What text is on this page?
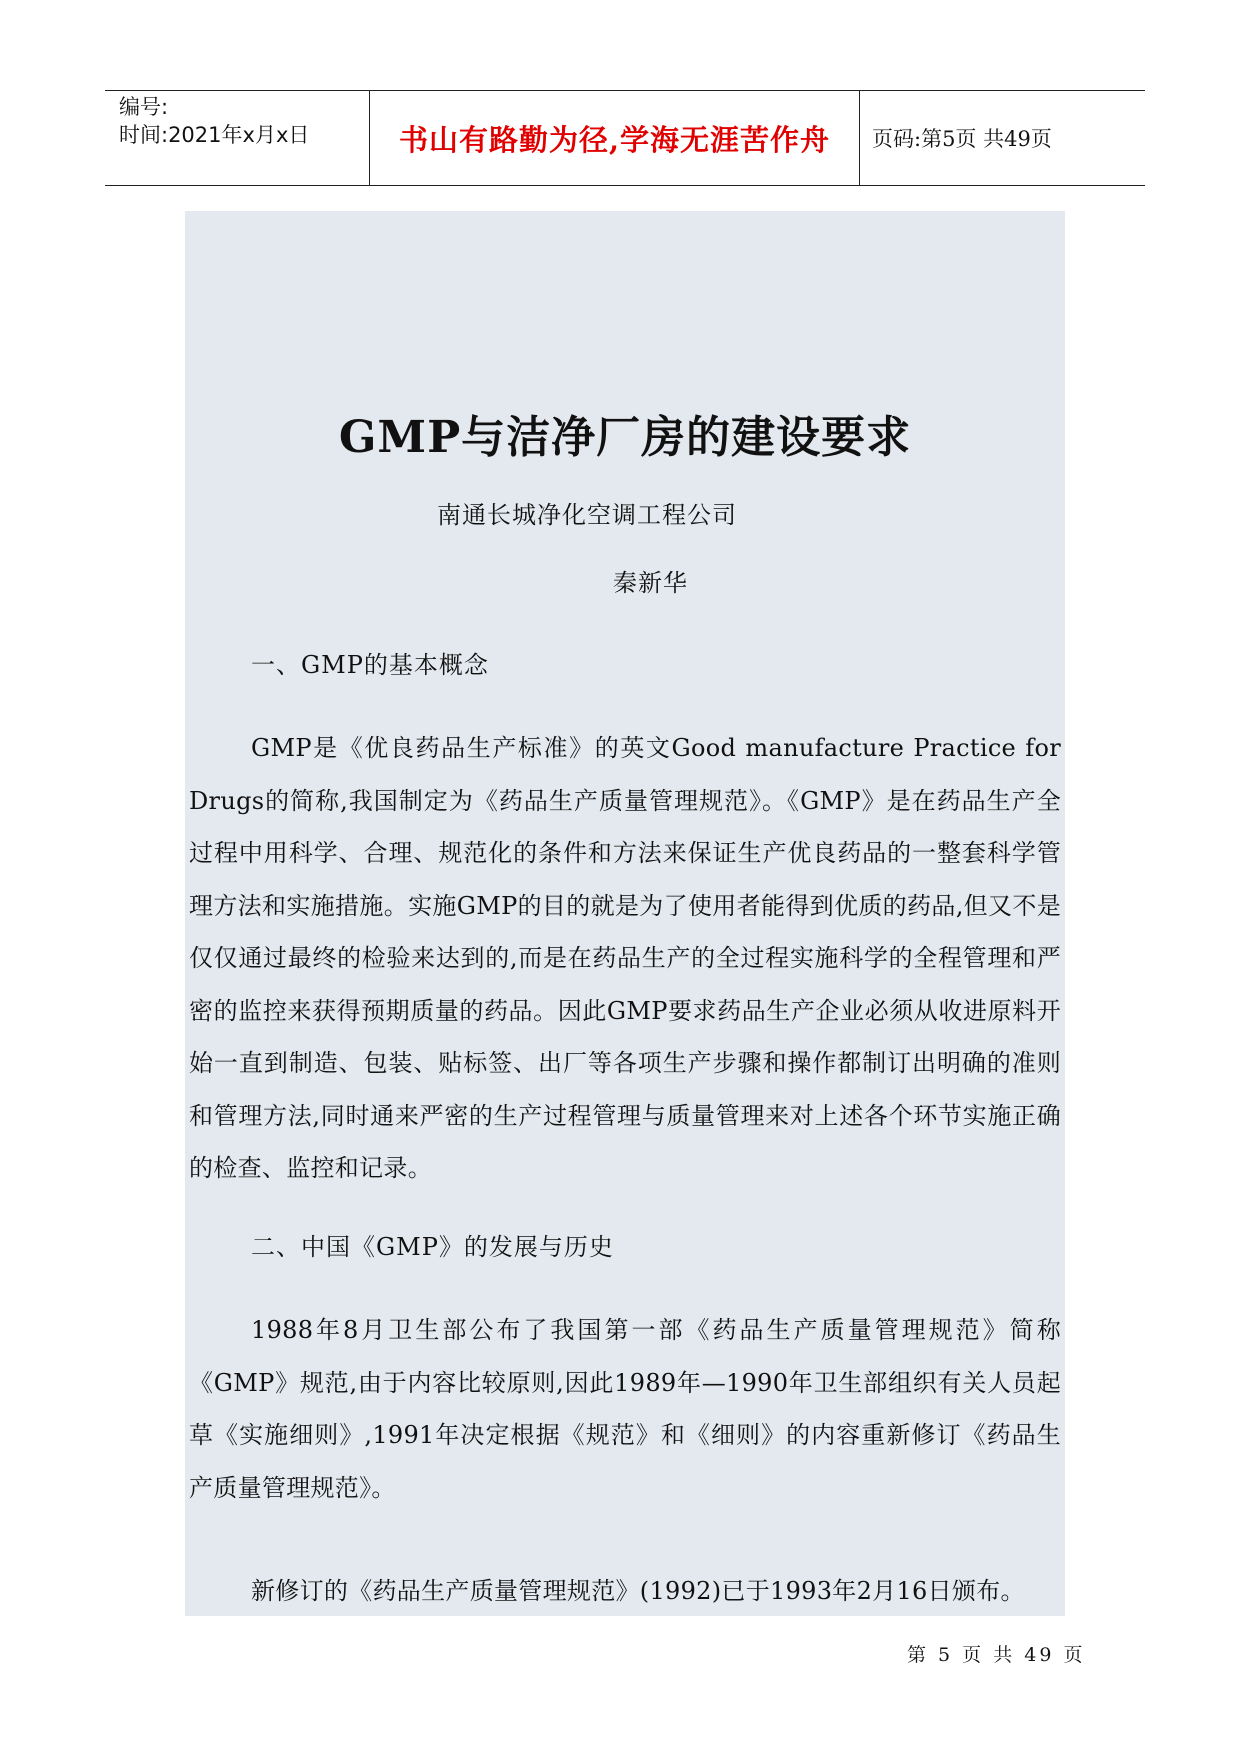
编号:
时间:2021年x月x日	书山有路勤为径,学海无涯苦作舟	页码:第5页 共49页
GMP与洁净厂房的建设要求
南通长城净化空调工程公司
秦新华
一、GMP的基本概念

GMP是《优良药品生产标准》的英文Good manufacture Practice for Drugs的简称,我国制定为《药品生产质量管理规范》。《GMP》是在药品生产全过程中用科学、合理、规范化的条件和方法来保证生产优良药品的一整套科学管理方法和实施措施。实施GMP的目的就是为了使用者能得到优质的药品,但又不是仅仅通过最终的检验来达到的,而是在药品生产的全过程实施科学的全程管理和严密的监控来获得预期质量的药品。因此GMP要求药品生产企业必须从收进原料开始一直到制造、包装、贴标签、出厂等各项生产步骤和操作都制订出明确的准则和管理方法,同时通来严密的生产过程管理与质量管理来对上述各个环节实施正确的检查、监控和记录。

二、中国《GMP》的发展与历史

1988年8月卫生部公布了我国第一部《药品生产质量管理规范》简称《GMP》规范,由于内容比较原则,因此1989年—1990年卫生部组织有关人员起草《实施细则》,1991年决定根据《规范》和《细则》的内容重新修订《药品生产质量管理规范》。

新修订的《药品生产质量管理规范》(1992)已于1993年2月16日颁布。

第 5 页 共 49 页
